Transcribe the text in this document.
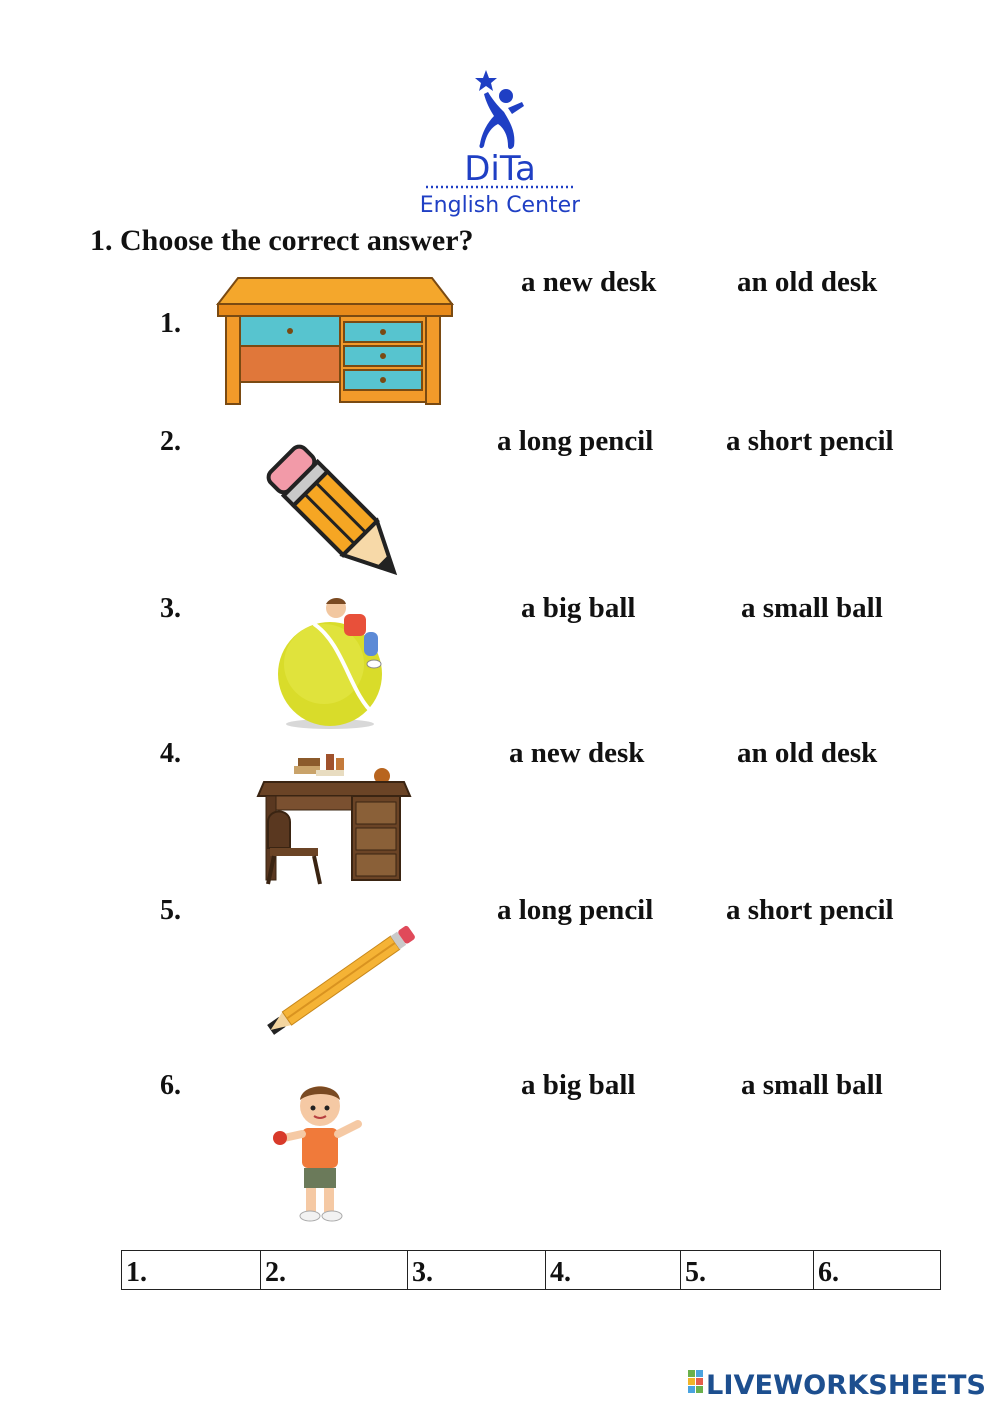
DiTa
English Center
1. Choose the correct answer?
1.
a new desk	an old desk
2.	a long pencil	a short pencil
3.	a big ball	a small ball
4.	a new desk	an old desk
5.	a long pencil	a short pencil
6.	a big ball	a small ball
1.	2.	3.	4.	5.	6.
LIVEWORKSHEETS
